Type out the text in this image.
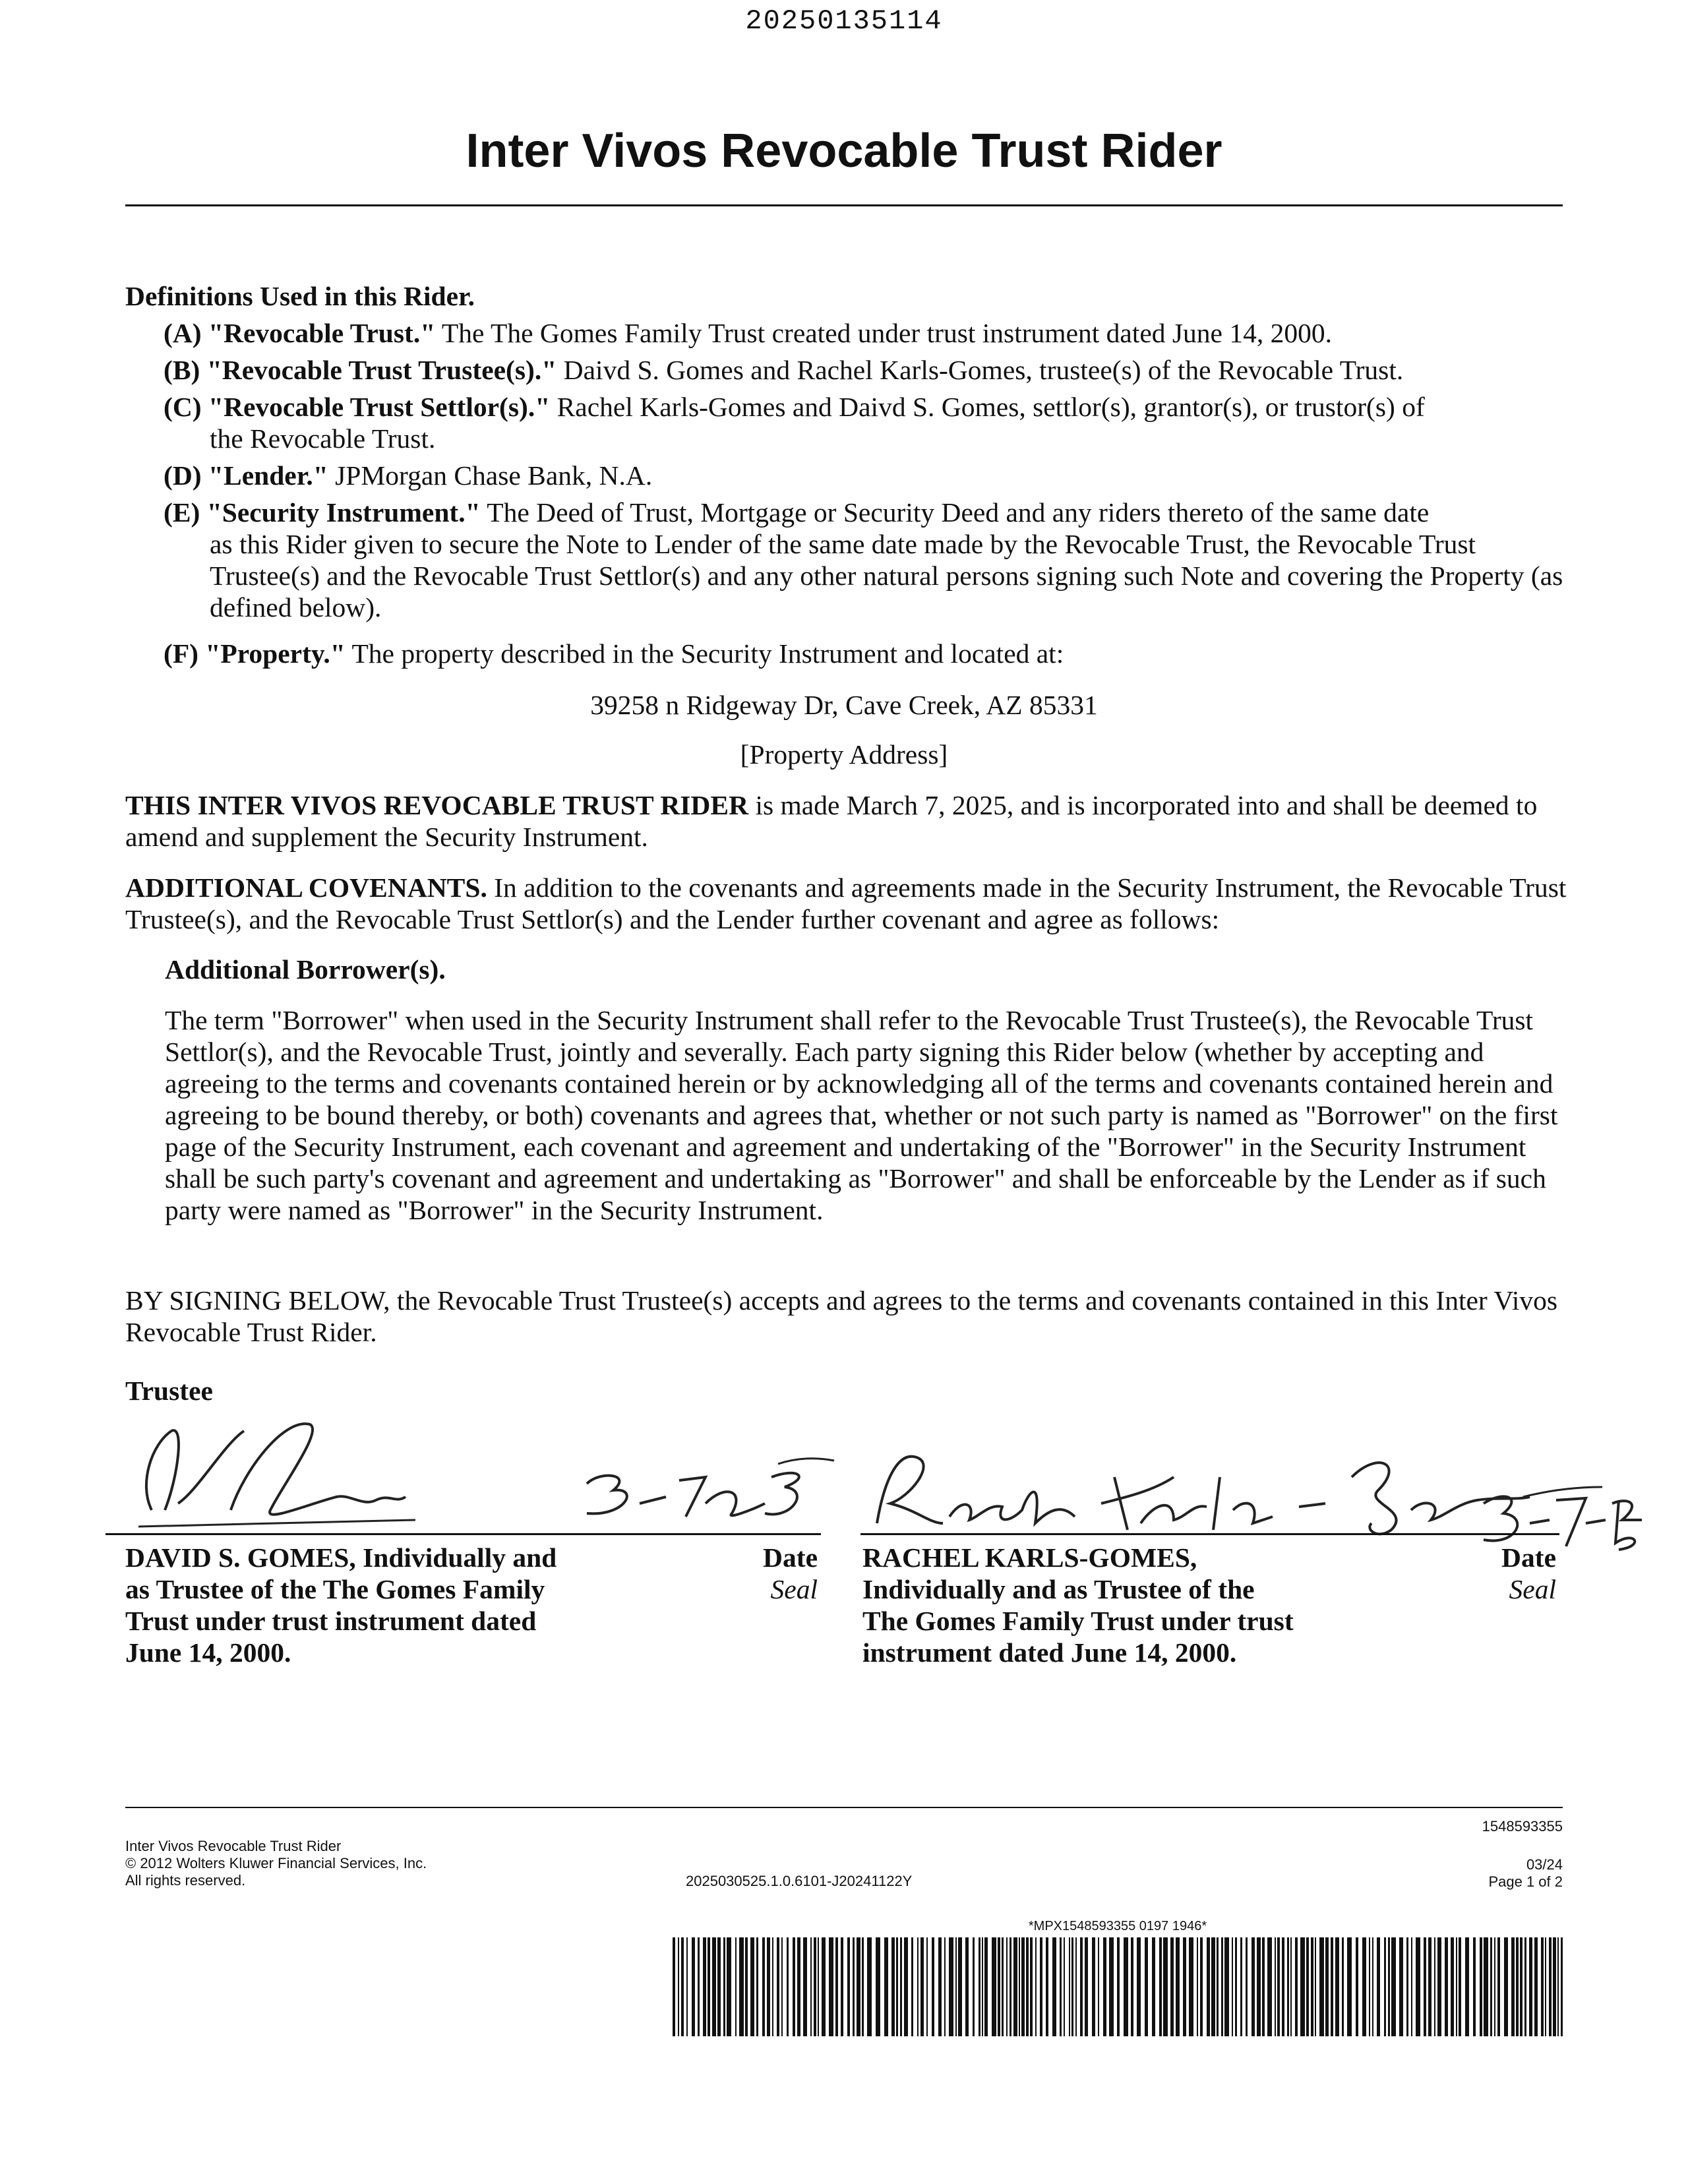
20250135114
Inter Vivos Revocable Trust Rider
Definitions Used in this Rider.
(A) "Revocable Trust." The The Gomes Family Trust created under trust instrument dated June 14, 2000.
(B) "Revocable Trust Trustee(s)." Daivd S. Gomes and Rachel Karls-Gomes, trustee(s) of the Revocable Trust.
(C) "Revocable Trust Settlor(s)." Rachel Karls-Gomes and Daivd S. Gomes, settlor(s), grantor(s), or trustor(s) of
the Revocable Trust.
(D) "Lender." JPMorgan Chase Bank, N.A.
(E) "Security Instrument." The Deed of Trust, Mortgage or Security Deed and any riders thereto of the same date
as this Rider given to secure the Note to Lender of the same date made by the Revocable Trust, the Revocable Trust Trustee(s) and the Revocable Trust Settlor(s) and any other natural persons signing such Note and covering the Property (as defined below).
(F) "Property." The property described in the Security Instrument and located at:
39258 n Ridgeway Dr, Cave Creek, AZ 85331
[Property Address]
THIS INTER VIVOS REVOCABLE TRUST RIDER is made March 7, 2025, and is incorporated into and shall be deemed to amend and supplement the Security Instrument.
ADDITIONAL COVENANTS. In addition to the covenants and agreements made in the Security Instrument, the Revocable Trust Trustee(s), and the Revocable Trust Settlor(s) and the Lender further covenant and agree as follows:
Additional Borrower(s).
The term "Borrower" when used in the Security Instrument shall refer to the Revocable Trust Trustee(s), the Revocable Trust Settlor(s), and the Revocable Trust, jointly and severally. Each party signing this Rider below (whether by accepting and agreeing to the terms and covenants contained herein or by acknowledging all of the terms and covenants contained herein and agreeing to be bound thereby, or both) covenants and agrees that, whether or not such party is named as "Borrower" on the first page of the Security Instrument, each covenant and agreement and undertaking of the "Borrower" in the Security Instrument shall be such party's covenant and agreement and undertaking as "Borrower" and shall be enforceable by the Lender as if such party were named as "Borrower" in the Security Instrument.
BY SIGNING BELOW, the Revocable Trust Trustee(s) accepts and agrees to the terms and covenants contained in this Inter Vivos Revocable Trust Rider.
Trustee
DAVID S. GOMES, Individually and
as Trustee of the The Gomes Family
Trust under trust instrument dated
June 14, 2000.
Date
Seal
RACHEL KARLS-GOMES,
Individually and as Trustee of the
The Gomes Family Trust under trust
instrument dated June 14, 2000.
Date
Seal
Inter Vivos Revocable Trust Rider
© 2012 Wolters Kluwer Financial Services, Inc.
All rights reserved.	2025030525.1.0.6101-J20241122Y
1548593355
03/24
Page 1 of 2
*MPX1548593355 0197 1946*
